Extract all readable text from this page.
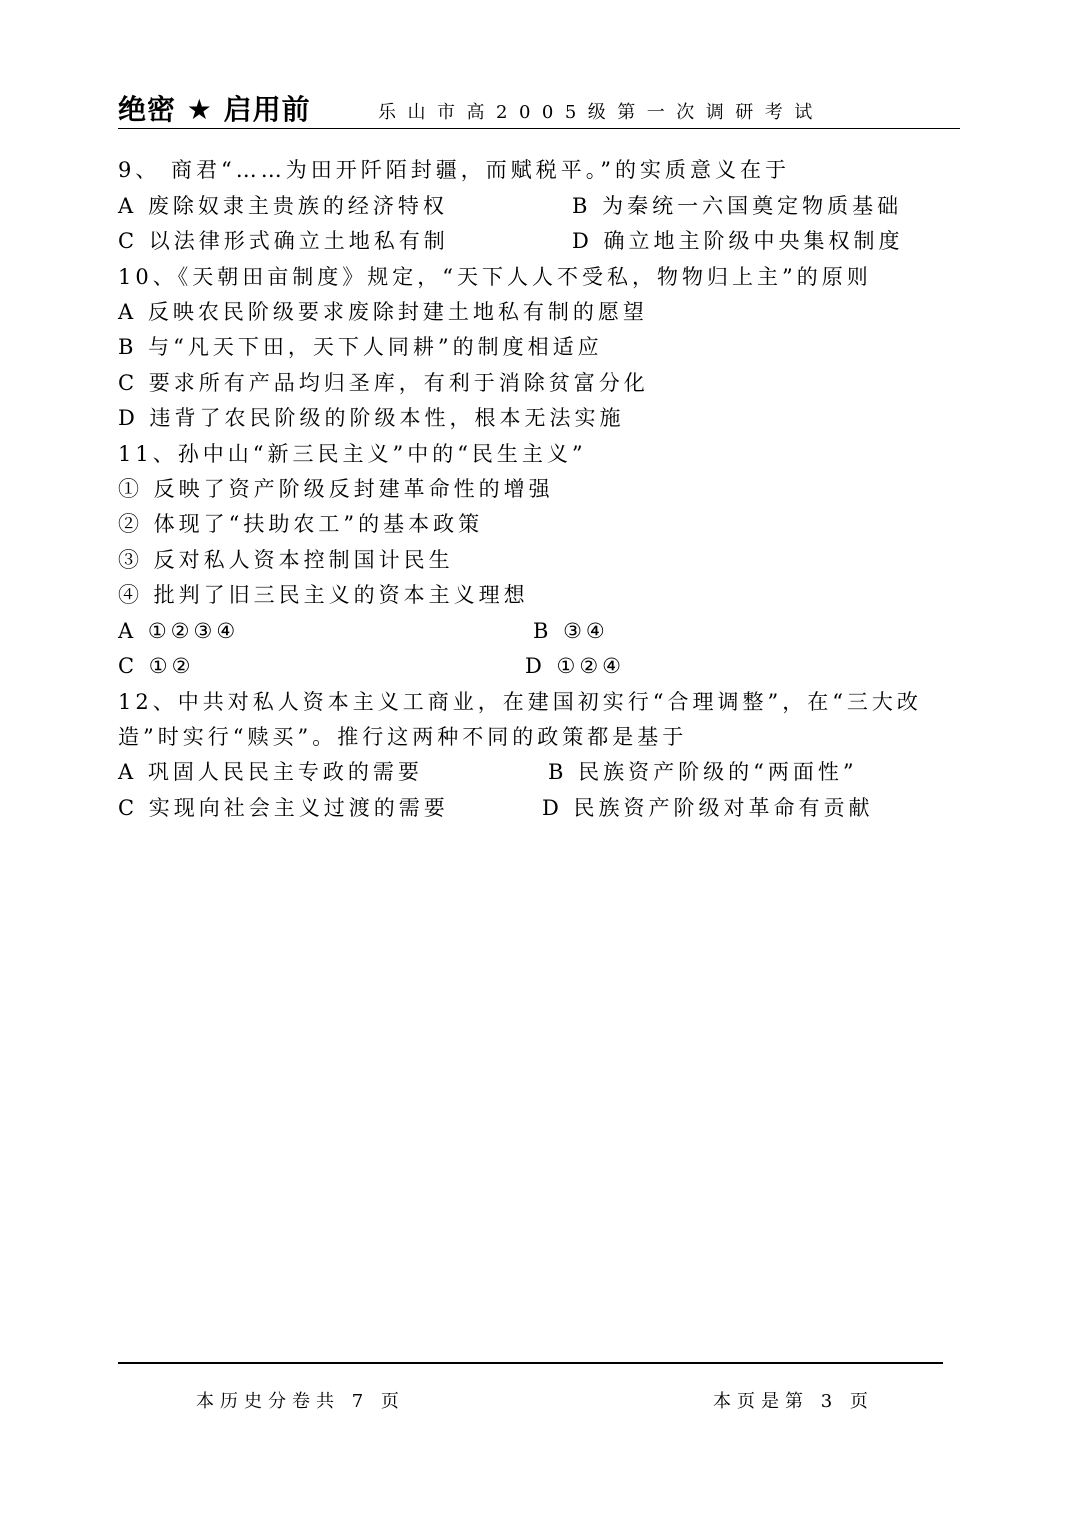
绝密 ★ 启用前	乐山市高2005级第一次调研考试
9、 商君“……为田开阡陌封疆，而赋税平。”的实质意义在于
A 废除奴隶主贵族的经济特权	B 为秦统一六国奠定物质基础
C 以法律形式确立土地私有制	D 确立地主阶级中央集权制度
10、《天朝田亩制度》规定，“天下人人不受私，物物归上主”的原则
A 反映农民阶级要求废除封建土地私有制的愿望
B 与“凡天下田，天下人同耕”的制度相适应
C 要求所有产品均归圣库，有利于消除贫富分化
D 违背了农民阶级的阶级本性，根本无法实施
11、孙中山“新三民主义”中的“民生主义”
① 反映了资产阶级反封建革命性的增强
② 体现了“扶助农工”的基本政策
③ 反对私人资本控制国计民生
④ 批判了旧三民主义的资本主义理想
A ①②③④	B ③④
C ①②	D ①②④
12、中共对私人资本主义工商业，在建国初实行“合理调整”，在“三大改
造”时实行“赎买”。推行这两种不同的政策都是基于
A 巩固人民民主专政的需要	B 民族资产阶级的“两面性”
C 实现向社会主义过渡的需要	D 民族资产阶级对革命有贡献
本历史分卷共 7 页	本页是第 3 页
